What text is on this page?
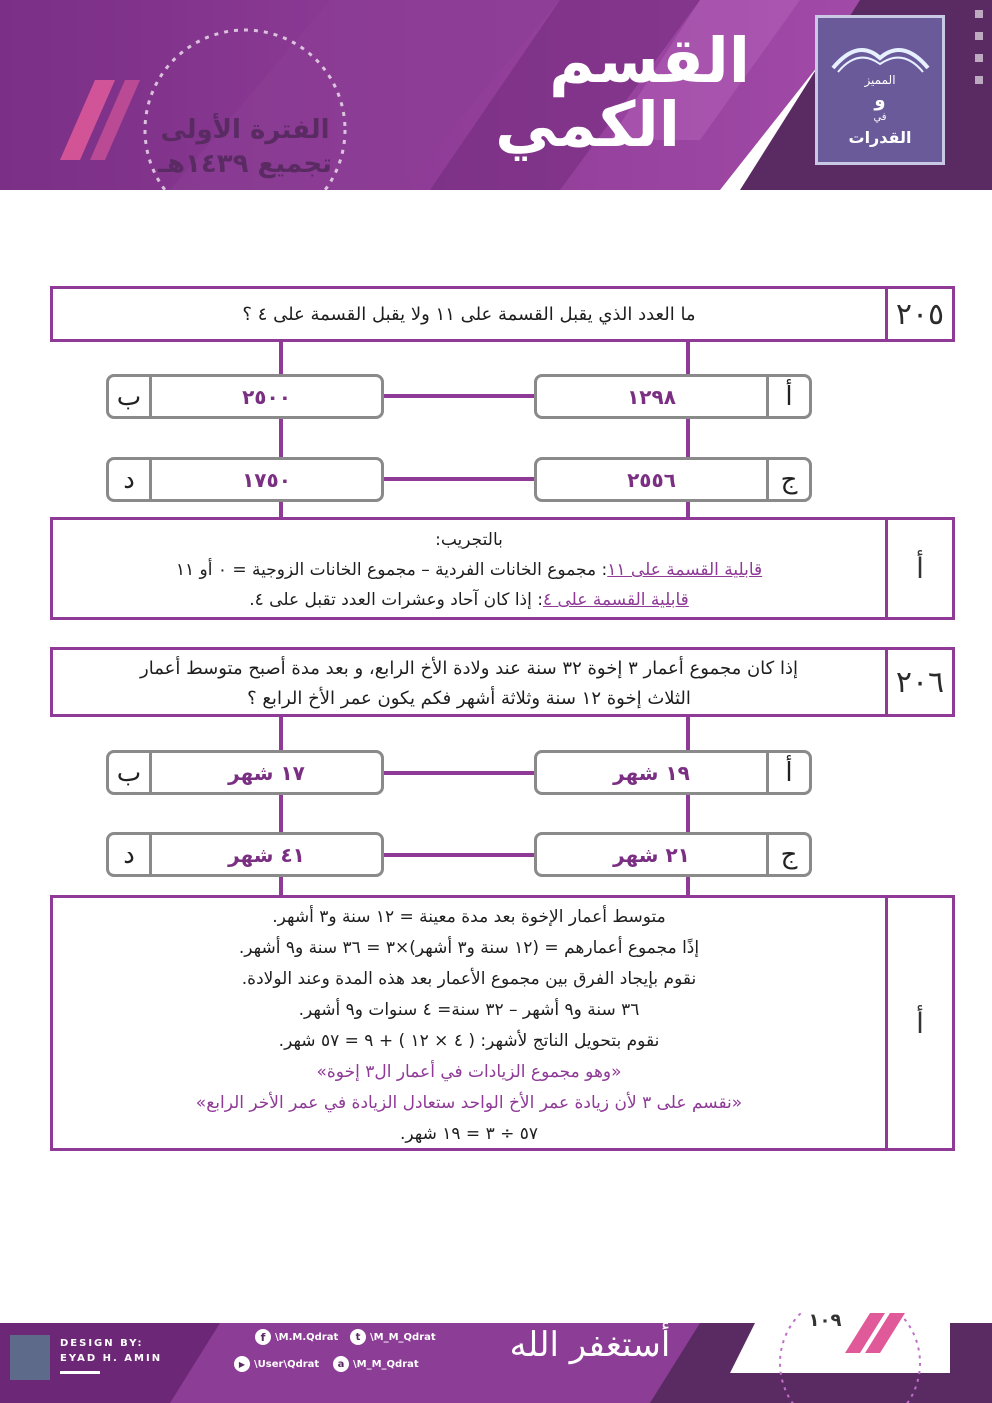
المميز
و
في
القدرات
القسم
الكمي
الفترة الأولى
تجميع ١٤٣٩هـ
ما العدد الذي يقبل القسمة على ١١ ولا يقبل القسمة على ٤ ؟	٢٠٥
أ
١٢٩٨
٢٥٠٠
ب
ج
٢٥٥٦
١٧٥٠
د
بالتجريب:
قابلية القسمة على ١١: مجموع الخانات الفردية – مجموع الخانات الزوجية = ٠ أو ١١
قابلية القسمة على ٤: إذا كان آحاد وعشرات العدد تقبل على ٤.
أ
إذا كان مجموع أعمار ٣ إخوة ٣٢ سنة عند ولادة الأخ الرابع، و بعد مدة أصبح متوسط أعمار
الثلاث إخوة ١٢ سنة وثلاثة أشهر فكم يكون عمر الأخ الرابع ؟	٢٠٦
أ
١٩ شهر
١٧ شهر
ب
ج
٢١ شهر
٤١ شهر
د
متوسط أعمار الإخوة بعد مدة معينة = ١٢ سنة و٣ أشهر.
إذًا مجموع أعمارهم = (١٢ سنة و٣ أشهر)×٣ = ٣٦ سنة و٩ أشهر.
نقوم بإيجاد الفرق بين مجموع الأعمار بعد هذه المدة وعند الولادة.
٣٦ سنة و٩ أشهر – ٣٢ سنة= ٤ سنوات و٩ أشهر.
نقوم بتحويل الناتج لأشهر: ( ٤ × ١٢ ) + ٩ = ٥٧ شهر.
«وهو مجموع الزيادات في أعمار ال٣ إخوة»
«نقسم على ٣ لأن زيادة عمر الأخ الواحد ستعادل الزيادة في عمر الأخر الرابع»
٥٧ ÷ ٣ = ١٩ شهر.
أ
١٠٩
DESIGN BY:
EYAD H. AMIN
f \M.M.Qdrat	t \M_M_Qdrat
▶ \User\Qdrat	a \M_M_Qdrat	أستغفر الله
